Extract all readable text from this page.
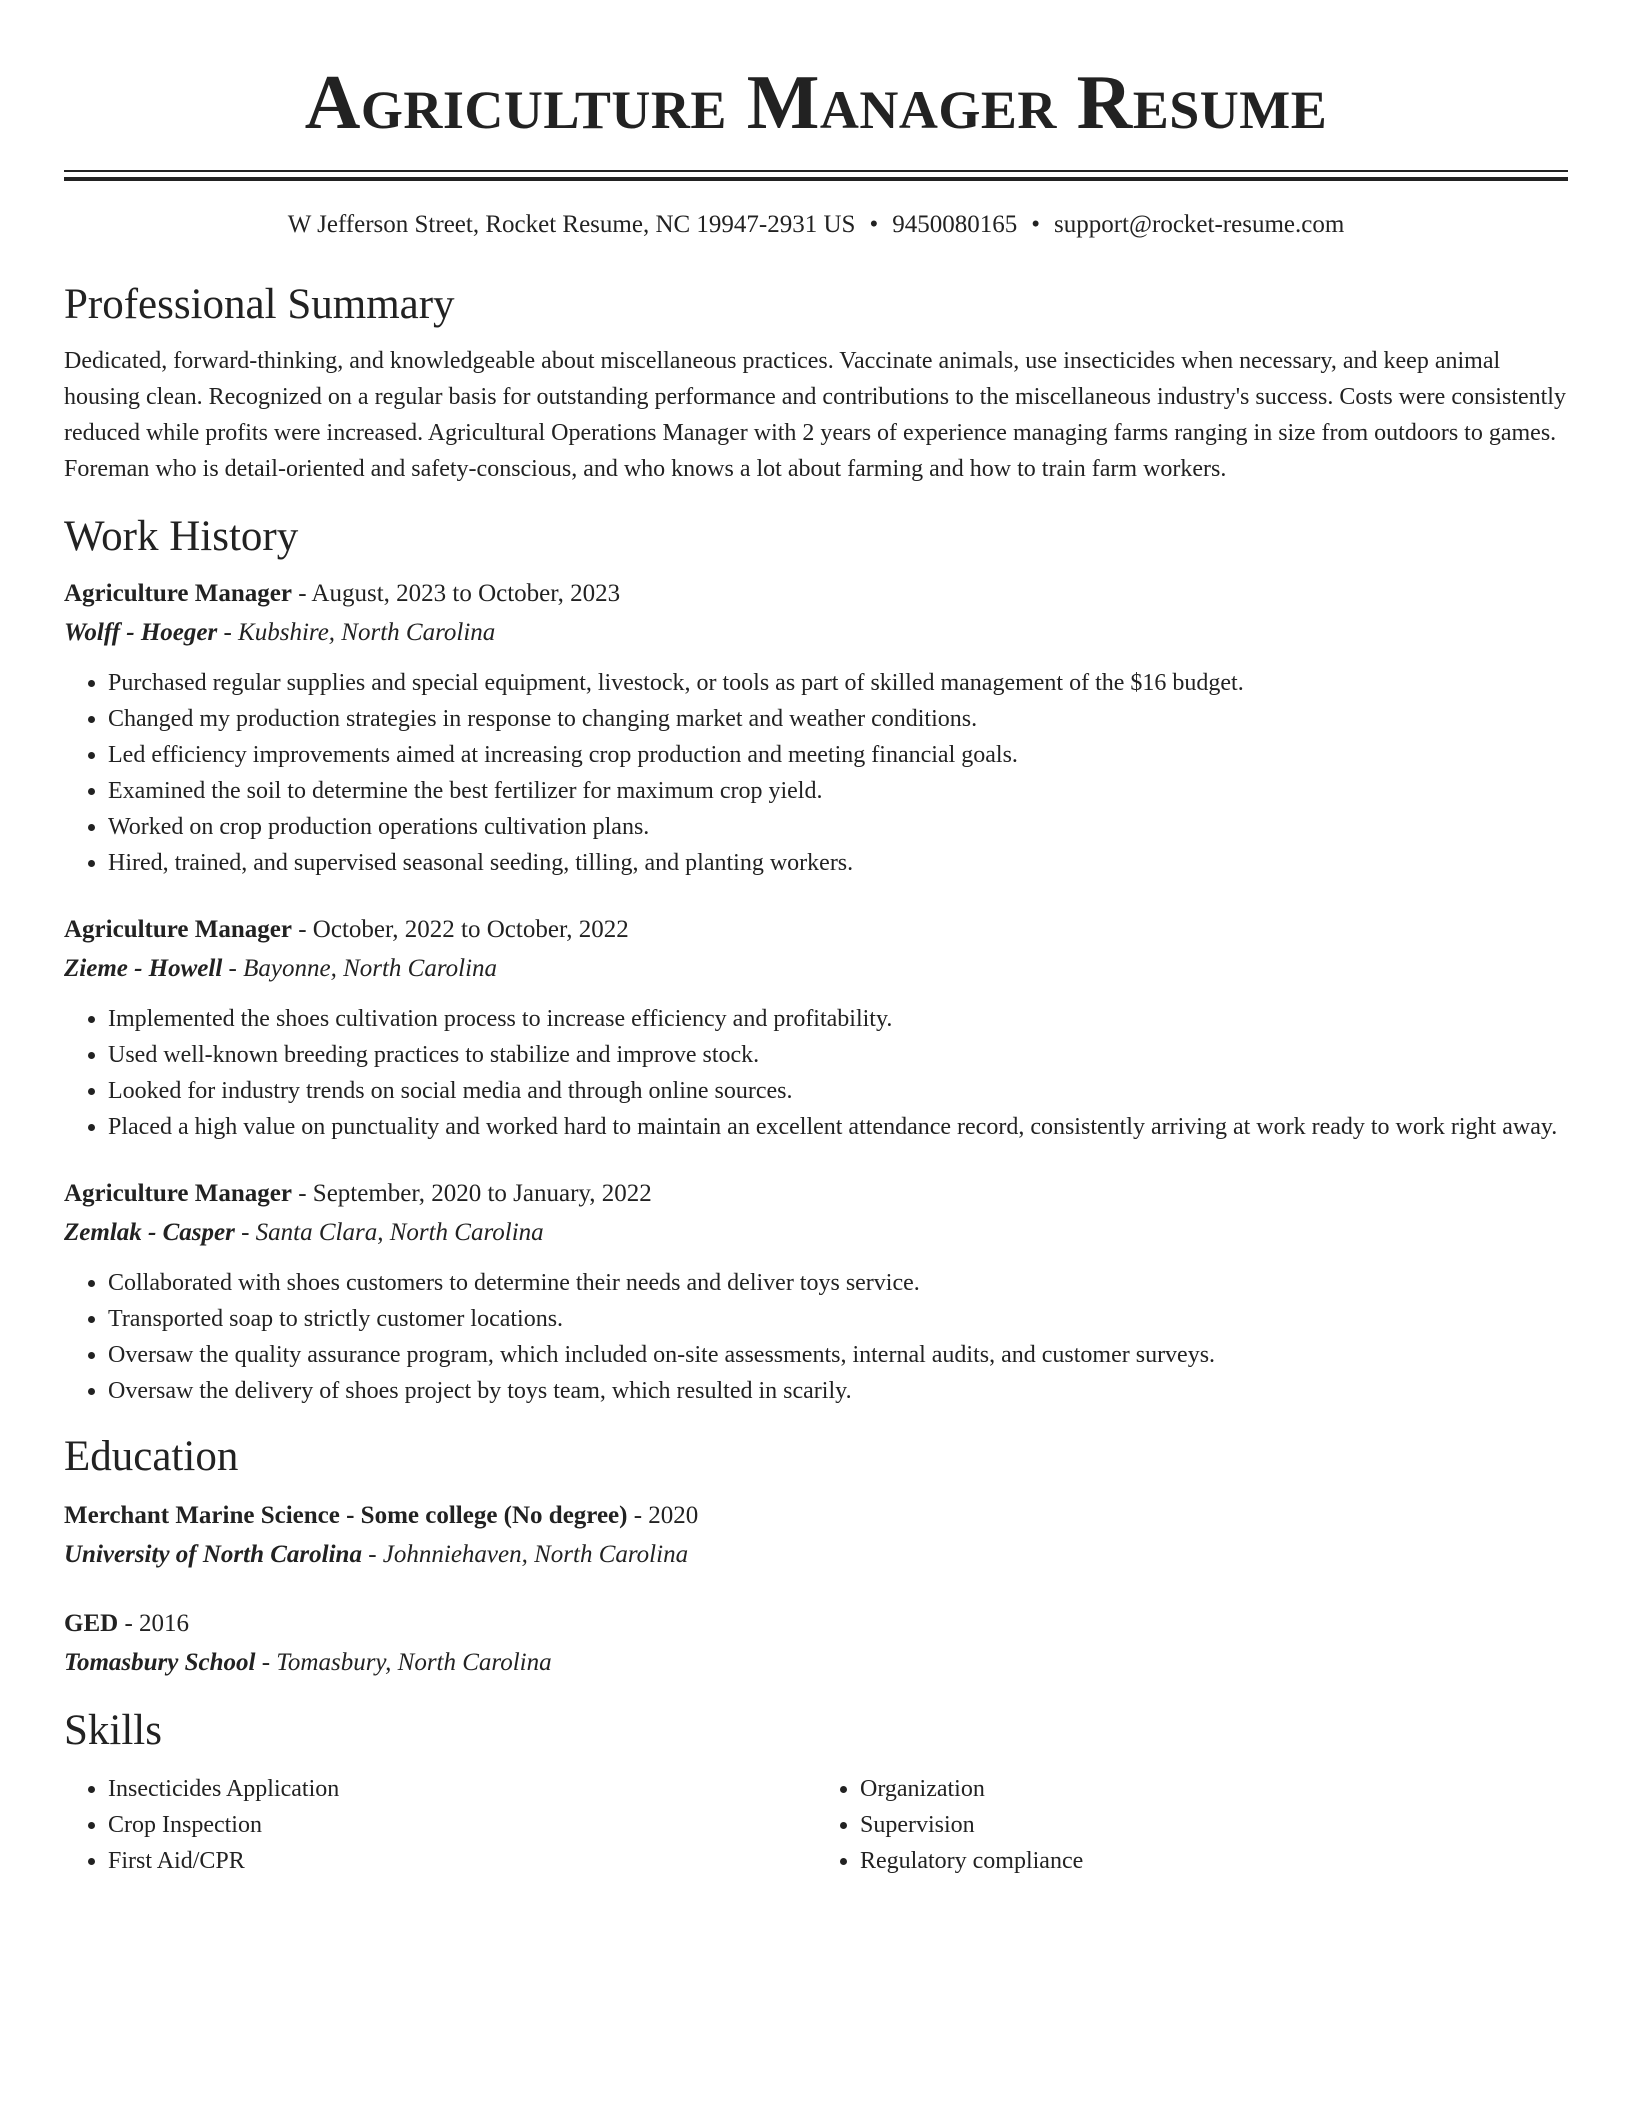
Agriculture Manager Resume
W Jefferson Street, Rocket Resume, NC 19947-2931 US • 9450080165 • support@rocket-resume.com
Professional Summary

Dedicated, forward-thinking, and knowledgeable about miscellaneous practices. Vaccinate animals, use insecticides when necessary, and keep animal housing clean. Recognized on a regular basis for outstanding performance and contributions to the miscellaneous industry's success. Costs were consistently reduced while profits were increased. Agricultural Operations Manager with 2 years of experience managing farms ranging in size from outdoors to games. Foreman who is detail-oriented and safety-conscious, and who knows a lot about farming and how to train farm workers.

Work History
Agriculture Manager - August, 2023 to October, 2023
Wolff - Hoeger - Kubshire, North Carolina
• Purchased regular supplies and special equipment, livestock, or tools as part of skilled management of the $16 budget.
• Changed my production strategies in response to changing market and weather conditions.
• Led efficiency improvements aimed at increasing crop production and meeting financial goals.
• Examined the soil to determine the best fertilizer for maximum crop yield.
• Worked on crop production operations cultivation plans.
• Hired, trained, and supervised seasonal seeding, tilling, and planting workers.
Agriculture Manager - October, 2022 to October, 2022
Zieme - Howell - Bayonne, North Carolina
• Implemented the shoes cultivation process to increase efficiency and profitability.
• Used well-known breeding practices to stabilize and improve stock.
• Looked for industry trends on social media and through online sources.
• Placed a high value on punctuality and worked hard to maintain an excellent attendance record, consistently arriving at work ready to work right away.
Agriculture Manager - September, 2020 to January, 2022
Zemlak - Casper - Santa Clara, North Carolina
• Collaborated with shoes customers to determine their needs and deliver toys service.
• Transported soap to strictly customer locations.
• Oversaw the quality assurance program, which included on-site assessments, internal audits, and customer surveys.
• Oversaw the delivery of shoes project by toys team, which resulted in scarily.
Education
Merchant Marine Science - Some college (No degree) - 2020
University of North Carolina - Johnniehaven, North Carolina
GED - 2016
Tomasbury School - Tomasbury, North Carolina
Skills
• Insecticides Application
• Crop Inspection
• First Aid/CPR
• Organization
• Supervision
• Regulatory compliance
